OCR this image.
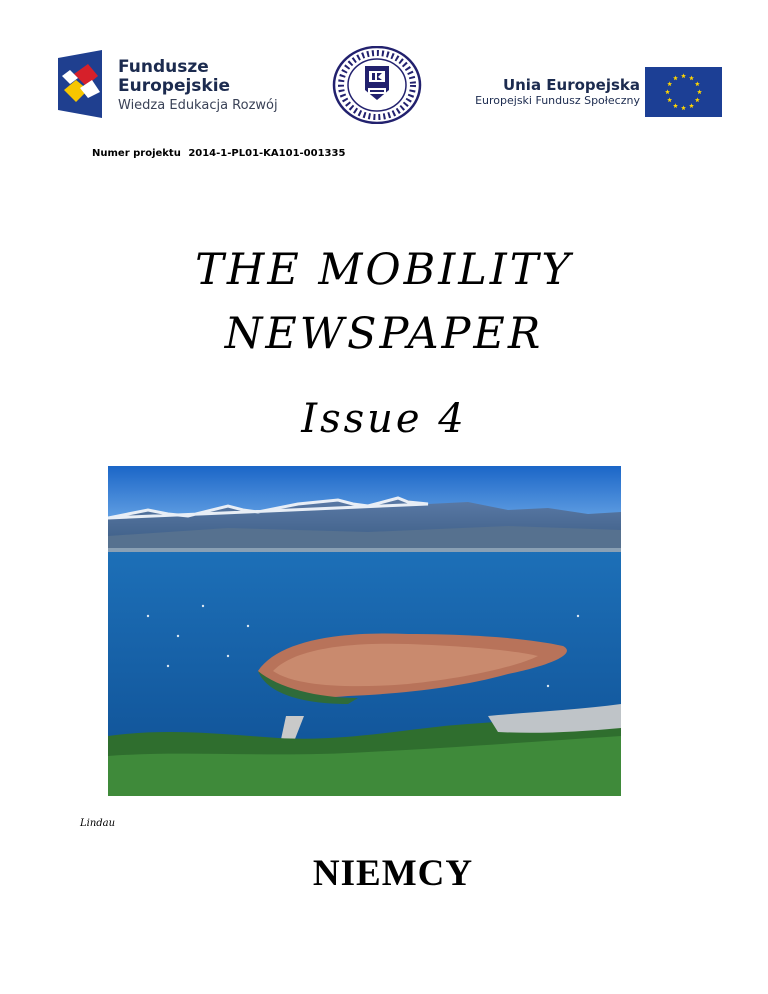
Fundusze
Europejskie
Wiedza Edukacja Rozwój
Unia Europejska
Europejski Fundusz Społeczny
Numer projektu 2014-1-PL01-KA101-001335
THE MOBILITY
NEWSPAPER
Issue 4
Lindau
NIEMCY
